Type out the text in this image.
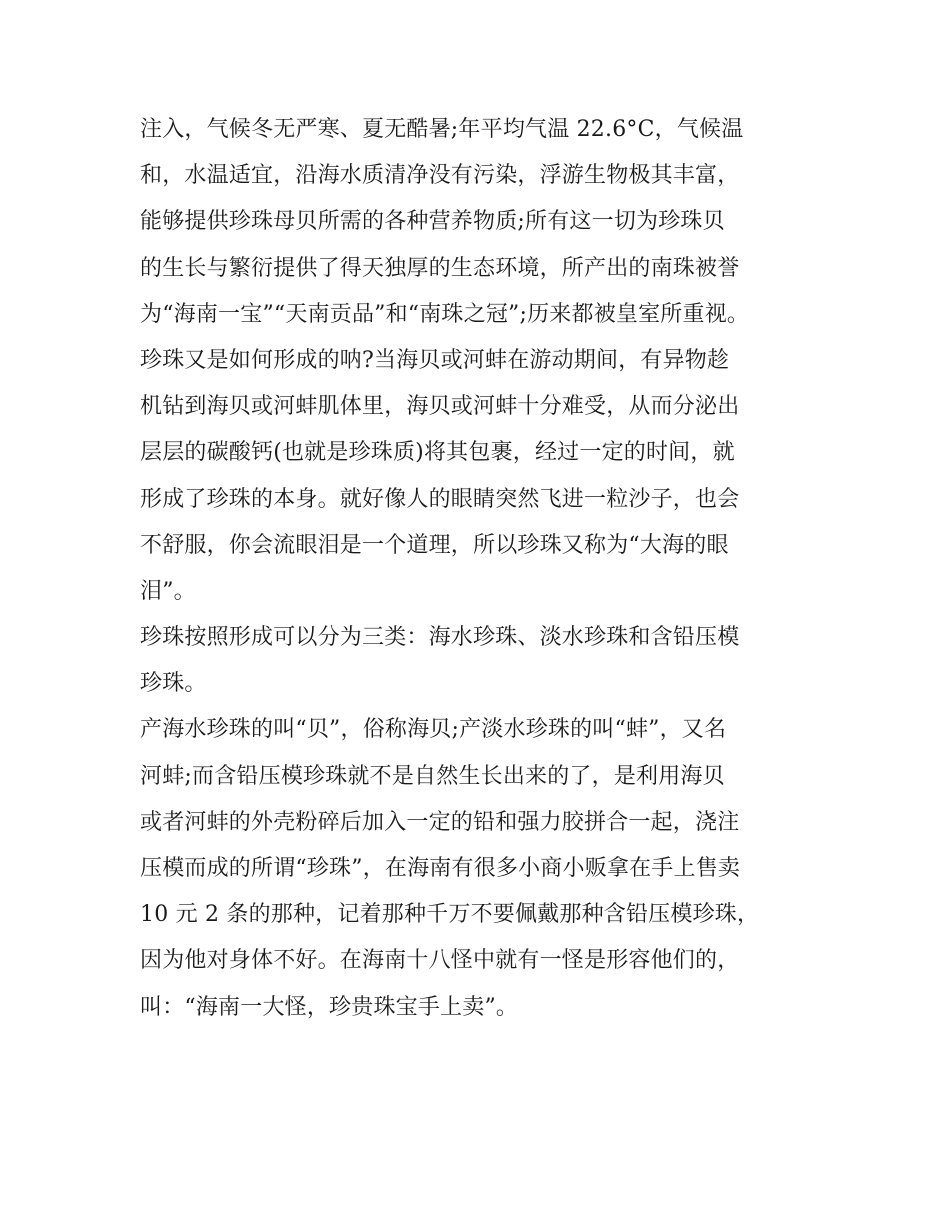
注入，气候冬无严寒、夏无酷暑;年平均气温 22.6°C，气候温
和，水温适宜，沿海水质清净没有污染，浮游生物极其丰富，
能够提供珍珠母贝所需的各种营养物质;所有这一切为珍珠贝
的生长与繁衍提供了得天独厚的生态环境，所产出的南珠被誉
为“海南一宝”“天南贡品”和“南珠之冠”;历来都被皇室所重视。
珍珠又是如何形成的呐?当海贝或河蚌在游动期间，有异物趁
机钻到海贝或河蚌肌体里，海贝或河蚌十分难受，从而分泌出
层层的碳酸钙(也就是珍珠质)将其包裹，经过一定的时间，就
形成了珍珠的本身。就好像人的眼睛突然飞进一粒沙子，也会
不舒服，你会流眼泪是一个道理，所以珍珠又称为“大海的眼
泪”。
珍珠按照形成可以分为三类：海水珍珠、淡水珍珠和含铅压模
珍珠。
产海水珍珠的叫“贝”，俗称海贝;产淡水珍珠的叫“蚌”，又名
河蚌;而含铅压模珍珠就不是自然生长出来的了，是利用海贝
或者河蚌的外壳粉碎后加入一定的铅和强力胶拼合一起，浇注
压模而成的所谓“珍珠”，在海南有很多小商小贩拿在手上售卖
10 元 2 条的那种，记着那种千万不要佩戴那种含铅压模珍珠，
因为他对身体不好。在海南十八怪中就有一怪是形容他们的，
叫：“海南一大怪，珍贵珠宝手上卖”。
